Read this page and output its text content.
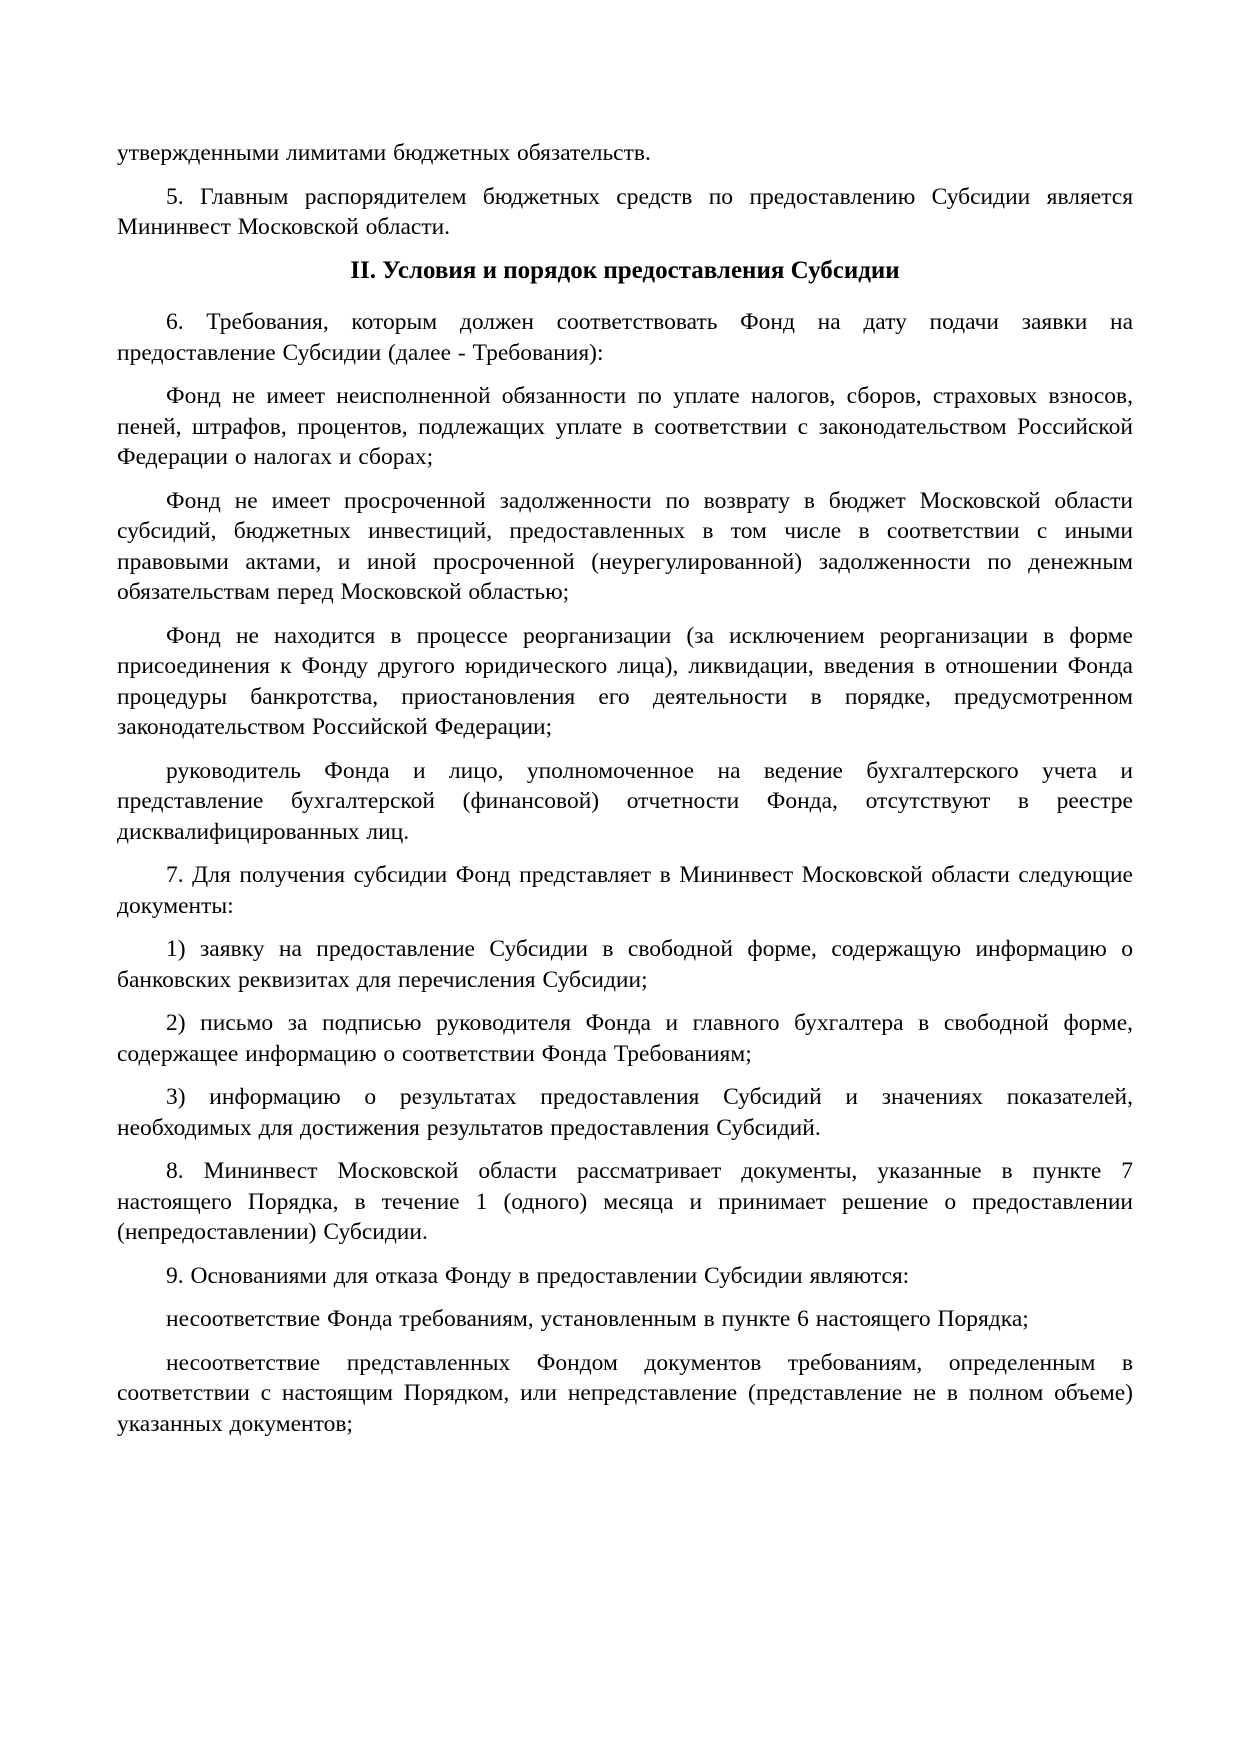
утвержденными лимитами бюджетных обязательств.

5. Главным распорядителем бюджетных средств по предоставлению Субсидии является Мининвест Московской области.

II. Условия и порядок предоставления Субсидии

6. Требования, которым должен соответствовать Фонд на дату подачи заявки на предоставление Субсидии (далее - Требования):

Фонд не имеет неисполненной обязанности по уплате налогов, сборов, страховых взносов, пеней, штрафов, процентов, подлежащих уплате в соответствии с законодательством Российской Федерации о налогах и сборах;

Фонд не имеет просроченной задолженности по возврату в бюджет Московской области субсидий, бюджетных инвестиций, предоставленных в том числе в соответствии с иными правовыми актами, и иной просроченной (неурегулированной) задолженности по денежным обязательствам перед Московской областью;

Фонд не находится в процессе реорганизации (за исключением реорганизации в форме присоединения к Фонду другого юридического лица), ликвидации, введения в отношении Фонда процедуры банкротства, приостановления его деятельности в порядке, предусмотренном законодательством Российской Федерации;

руководитель Фонда и лицо, уполномоченное на ведение бухгалтерского учета и представление бухгалтерской (финансовой) отчетности Фонда, отсутствуют в реестре дисквалифицированных лиц.

7. Для получения субсидии Фонд представляет в Мининвест Московской области следующие документы:

1) заявку на предоставление Субсидии в свободной форме, содержащую информацию о банковских реквизитах для перечисления Субсидии;

2) письмо за подписью руководителя Фонда и главного бухгалтера в свободной форме, содержащее информацию о соответствии Фонда Требованиям;

3) информацию о результатах предоставления Субсидий и значениях показателей, необходимых для достижения результатов предоставления Субсидий.

8. Мининвест Московской области рассматривает документы, указанные в пункте 7 настоящего Порядка, в течение 1 (одного) месяца и принимает решение о предоставлении (непредоставлении) Субсидии.

9. Основаниями для отказа Фонду в предоставлении Субсидии являются:

несоответствие Фонда требованиям, установленным в пункте 6 настоящего Порядка;

несоответствие представленных Фондом документов требованиям, определенным в соответствии с настоящим Порядком, или непредставление (представление не в полном объеме) указанных документов;
